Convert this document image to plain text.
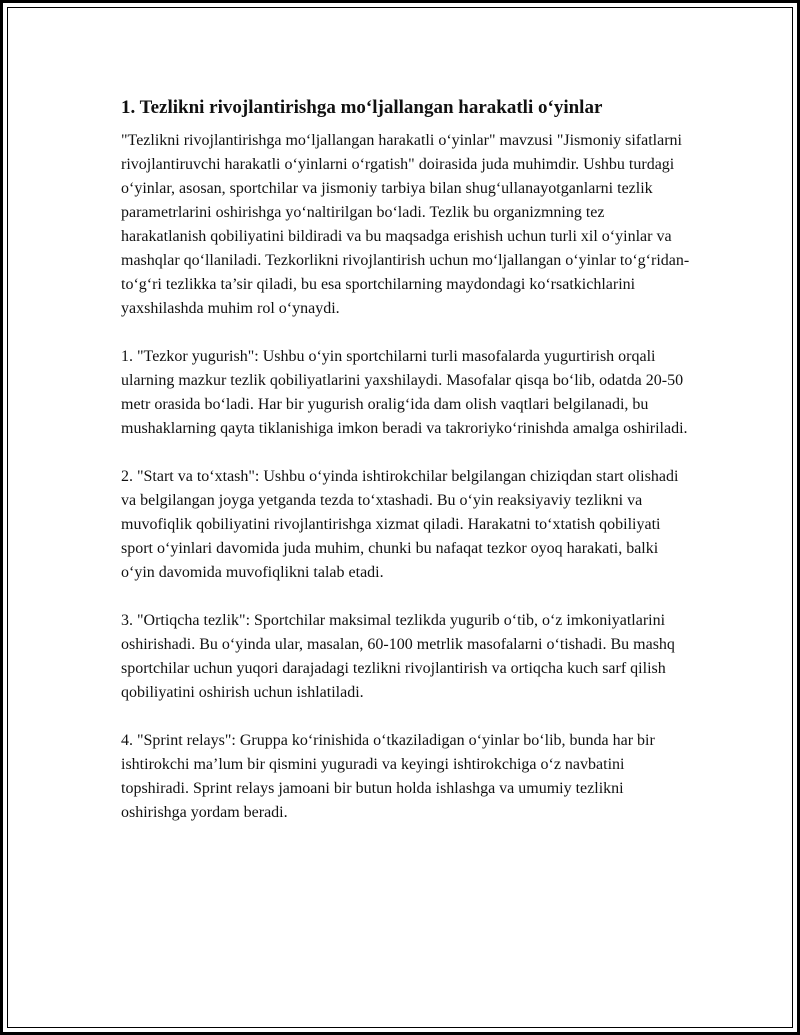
1. Tezlikni rivojlantirishga mo‘ljallangan harakatli o‘yinlar

"Tezlikni rivojlantirishga mo‘ljallangan harakatli o‘yinlar" mavzusi "Jismoniy sifatlarni rivojlantiruvchi harakatli o‘yinlarni o‘rgatish" doirasida juda muhimdir. Ushbu turdagi o‘yinlar, asosan, sportchilar va jismoniy tarbiya bilan shug‘ullanayotganlarni tezlik parametrlarini oshirishga yo‘naltirilgan bo‘ladi. Tezlik bu organizmning tez harakatlanish qobiliyatini bildiradi va bu maqsadga erishish uchun turli xil o‘yinlar va mashqlar qo‘llaniladi. Tezkorlikni rivojlantirish uchun mo‘ljallangan o‘yinlar to‘g‘ridan-to‘g‘ri tezlikka ta’sir qiladi, bu esa sportchilarning maydondagi ko‘rsatkichlarini yaxshilashda muhim rol o‘ynaydi.

1. "Tezkor yugurish": Ushbu o‘yin sportchilarni turli masofalarda yugurtirish orqali ularning mazkur tezlik qobiliyatlarini yaxshilaydi. Masofalar qisqa bo‘lib, odatda 20-50 metr orasida bo‘ladi. Har bir yugurish oralig‘ida dam olish vaqtlari belgilanadi, bu mushaklarning qayta tiklanishiga imkon beradi va takroriyko‘rinishda amalga oshiriladi.

2. "Start va to‘xtash": Ushbu o‘yinda ishtirokchilar belgilangan chiziqdan start olishadi va belgilangan joyga yetganda tezda to‘xtashadi. Bu o‘yin reaksiyaviy tezlikni va muvofiqlik qobiliyatini rivojlantirishga xizmat qiladi. Harakatni to‘xtatish qobiliyati sport o‘yinlari davomida juda muhim, chunki bu nafaqat tezkor oyoq harakati, balki o‘yin davomida muvofiqlikni talab etadi.

3. "Ortiqcha tezlik": Sportchilar maksimal tezlikda yugurib o‘tib, o‘z imkoniyatlarini oshirishadi. Bu o‘yinda ular, masalan, 60-100 metrlik masofalarni o‘tishadi. Bu mashq sportchilar uchun yuqori darajadagi tezlikni rivojlantirish va ortiqcha kuch sarf qilish qobiliyatini oshirish uchun ishlatiladi.

4. "Sprint relays": Gruppa ko‘rinishida o‘tkaziladigan o‘yinlar bo‘lib, bunda har bir ishtirokchi ma’lum bir qismini yuguradi va keyingi ishtirokchiga o‘z navbatini topshiradi. Sprint relays jamoani bir butun holda ishlashga va umumiy tezlikni oshirishga yordam beradi.
